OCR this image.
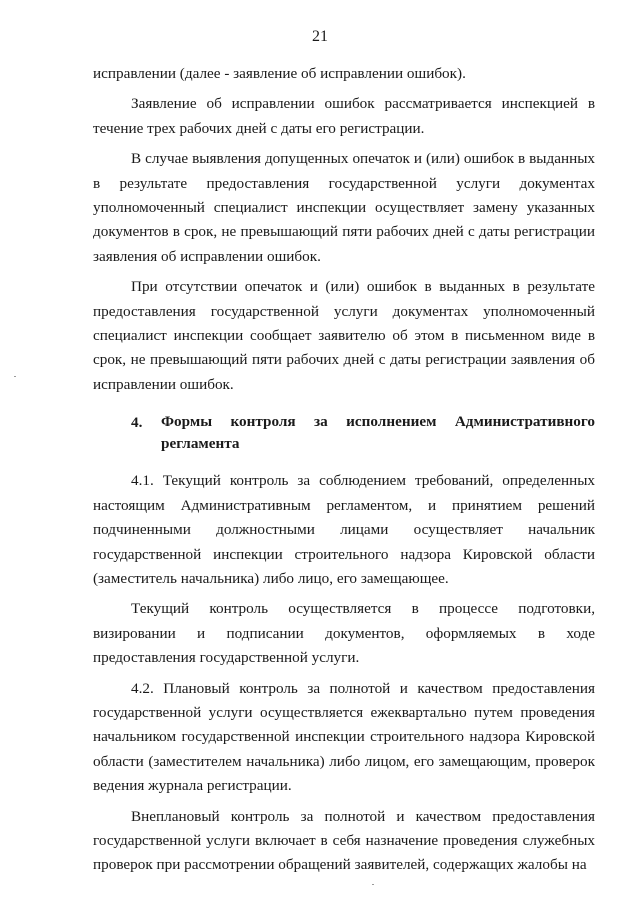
21

исправлении (далее - заявление об исправлении ошибок).

Заявление об исправлении ошибок рассматривается инспекцией в течение трех рабочих дней с даты его регистрации.

В случае выявления допущенных опечаток и (или) ошибок в выданных в результате предоставления государственной услуги документах уполномоченный специалист инспекции осуществляет замену указанных документов в срок, не превышающий пяти рабочих дней с даты регистрации заявления об исправлении ошибок.

При отсутствии опечаток и (или) ошибок в выданных в результате предоставления государственной услуги документах уполномоченный специалист инспекции сообщает заявителю об этом в письменном виде в срок, не превышающий пяти рабочих дней с даты регистрации заявления об исправлении ошибок.

4.	Формы контроля за исполнением Административного регламента

4.1. Текущий контроль за соблюдением требований, определенных настоящим Административным регламентом, и принятием решений подчиненными должностными лицами осуществляет начальник государственной инспекции строительного надзора Кировской области (заместитель начальника) либо лицо, его замещающее.

Текущий контроль осуществляется в процессе подготовки, визировании и подписании документов, оформляемых в ходе предоставления государственной услуги.

4.2. Плановый контроль за полнотой и качеством предоставления государственной услуги осуществляется ежеквартально путем проведения начальником государственной инспекции строительного надзора Кировской области (заместителем начальника) либо лицом, его замещающим, проверок ведения журнала регистрации.

Внеплановый контроль за полнотой и качеством предоставления государственной услуги включает в себя назначение проведения служебных проверок при рассмотрении обращений заявителей, содержащих жалобы на
